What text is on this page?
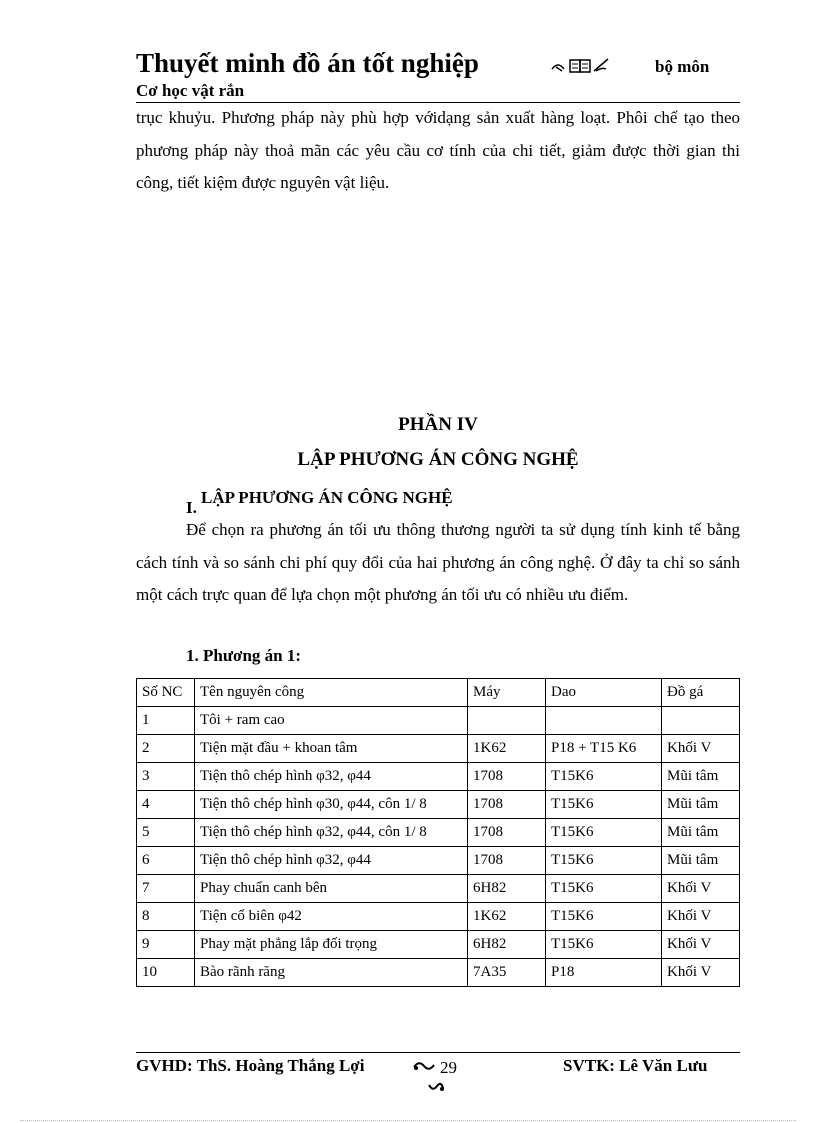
Thuyết minh đồ án tốt nghiệp	bộ môn
Cơ học vật rắn

trục khuỷu. Phương pháp này phù hợp vớidạng sản xuất hàng loạt. Phôi chế tạo theo phương pháp này thoả mãn các yêu cầu cơ tính của chi tiết, giảm được thời gian thi công, tiết kiệm được nguyên vật liệu.

PHẦN IV
LẬP PHƯƠNG ÁN CÔNG NGHỆ
I.
LẬP PHƯƠNG ÁN CÔNG NGHỆ

Để chọn ra phương án tối ưu thông thương người ta sử dụng tính kinh tế bằng cách tính và so sánh chi phí quy đổi của hai phương án công nghệ. Ở đây ta chỉ so sánh một cách trực quan để lựa chọn một phương án tối ưu có nhiều ưu điểm.

1. Phương án 1:
Số NC	Tên nguyên công	Máy	Dao	Đồ gá
1	Tôi + ram cao			
2	Tiện mặt đầu + khoan tâm	1K62	P18 + T15 K6	Khối V
3	Tiện thô chép hình φ32, φ44	1708	T15K6	Mũi tâm
4	Tiện thô chép hình φ30, φ44, côn 1/ 8	1708	T15K6	Mũi tâm
5	Tiện thô chép hình φ32, φ44, côn 1/ 8	1708	T15K6	Mũi tâm
6	Tiện thô chép hình φ32, φ44	1708	T15K6	Mũi tâm
7	Phay chuẩn canh bên	6H82	T15K6	Khối V
8	Tiện cổ biên φ42	1K62	T15K6	Khối V
9	Phay mặt phẳng lắp đối trọng	6H82	T15K6	Khối V
10	Bào rãnh răng	7A35	P18	Khối V
GVHD: ThS. Hoàng Thắng Lợi	29	SVTK: Lê Văn Lưu
